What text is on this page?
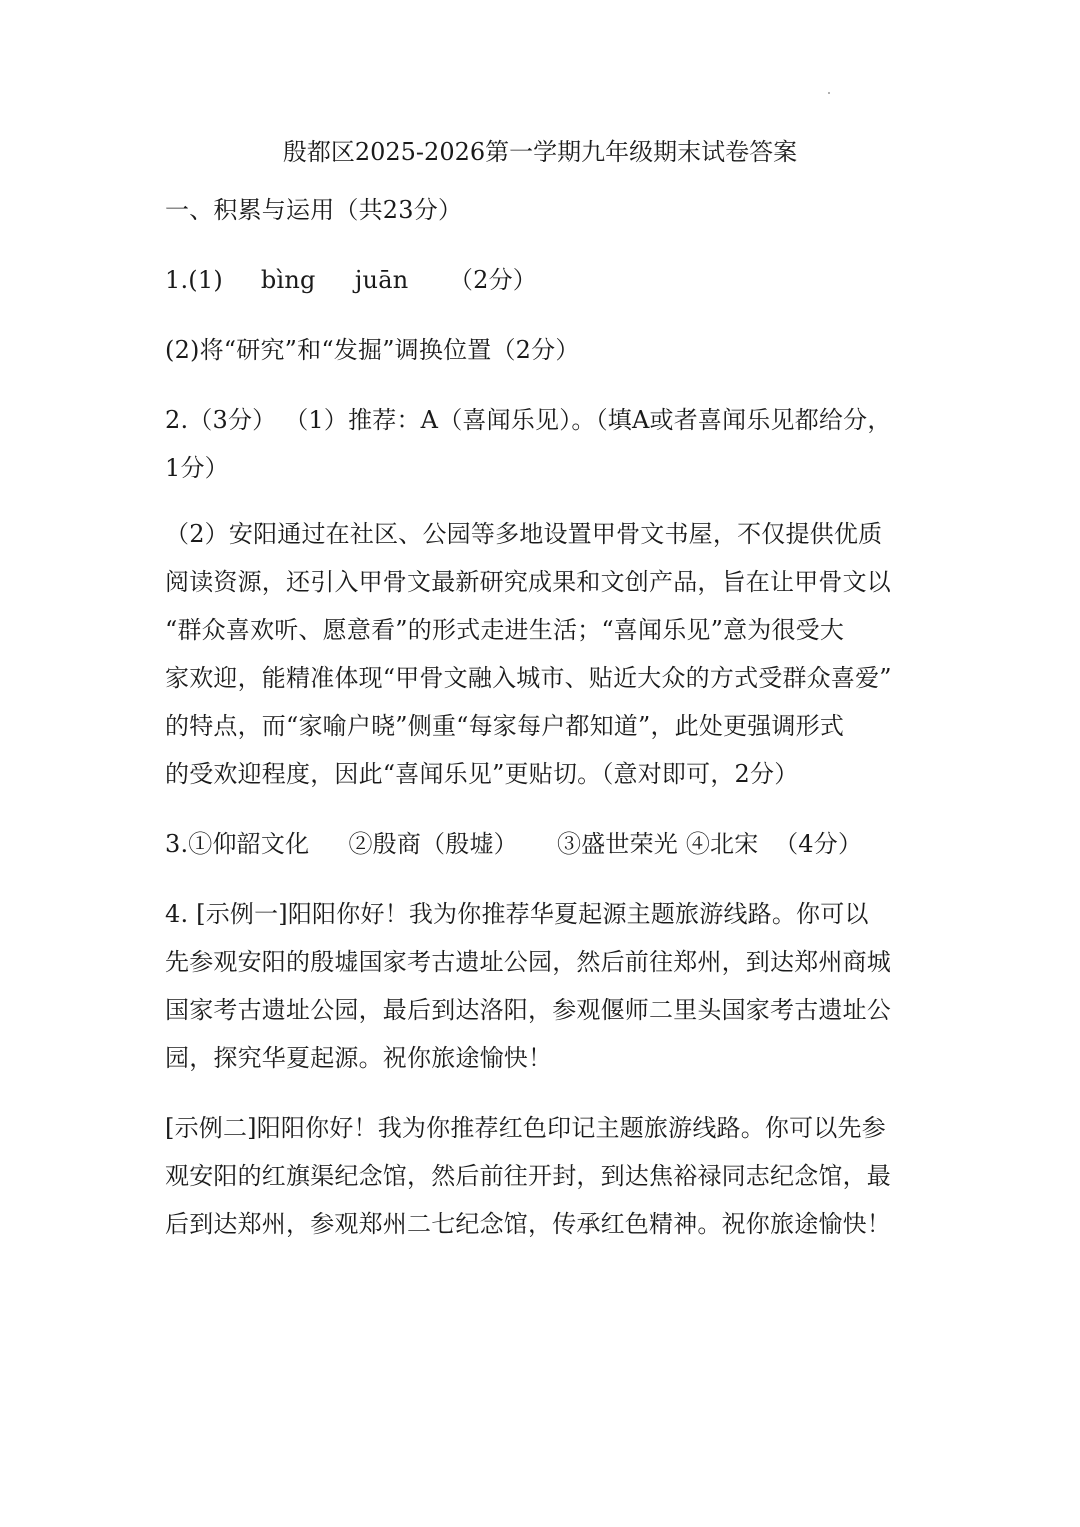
殷都区2025-2026第一学期九年级期末试卷答案
一、积累与运用（共23分）
1.(1) bìng juān （2分）
(2)将“研究”和“发掘”调换位置（2分）
2.（3分） （1）推荐：A（喜闻乐见）。（填A或者喜闻乐见都给分，
1分）
（2）安阳通过在社区、公园等多地设置甲骨文书屋，不仅提供优质
阅读资源，还引入甲骨文最新研究成果和文创产品，旨在让甲骨文以
“群众喜欢听、愿意看”的形式走进生活；“喜闻乐见”意为很受大
家欢迎，能精准体现“甲骨文融入城市、贴近大众的方式受群众喜爱”
的特点，而“家喻户晓”侧重“每家每户都知道”，此处更强调形式
的受欢迎程度，因此“喜闻乐见”更贴切。（意对即可，2分）
3.①仰韶文化     ②殷商（殷墟）     ③盛世荣光 ④北宋  （4分）
4. [示例一]阳阳你好！我为你推荐华夏起源主题旅游线路。你可以
先参观安阳的殷墟国家考古遗址公园，然后前往郑州，到达郑州商城
国家考古遗址公园，最后到达洛阳，参观偃师二里头国家考古遗址公
园，探究华夏起源。祝你旅途愉快！
[示例二]阳阳你好！我为你推荐红色印记主题旅游线路。你可以先参
观安阳的红旗渠纪念馆，然后前往开封，到达焦裕禄同志纪念馆，最
后到达郑州，参观郑州二七纪念馆，传承红色精神。祝你旅途愉快！
